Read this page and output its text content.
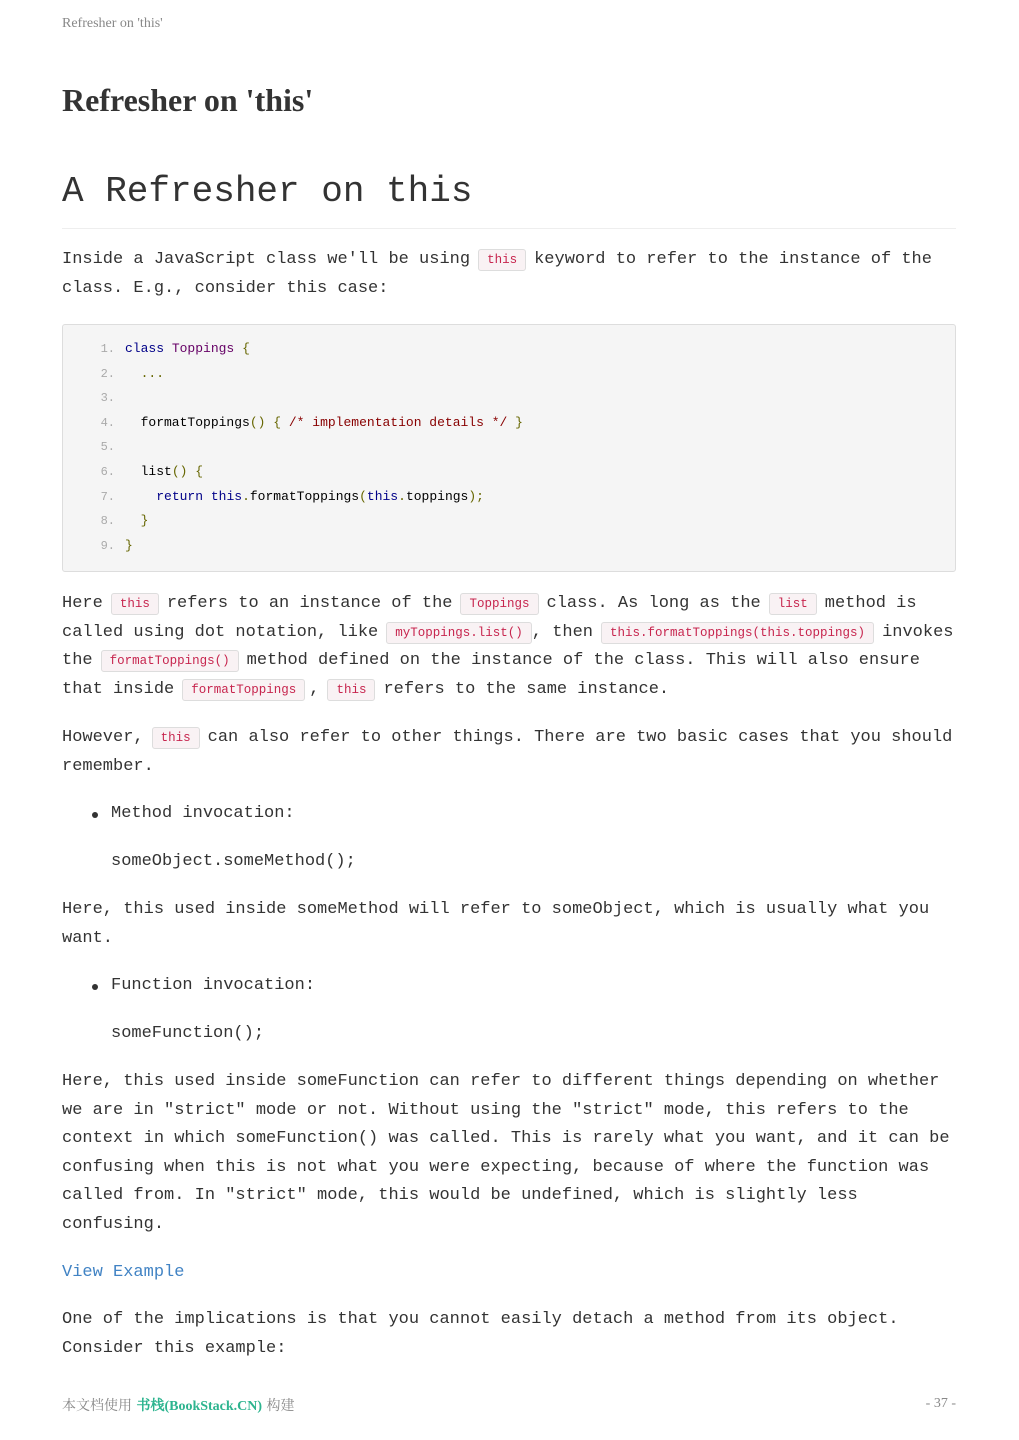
Refresher on 'this'
Refresher on 'this'
A Refresher on this

Inside a JavaScript class we'll be using this keyword to refer to the instance of the class. E.g., consider this case:

1. class Toppings {
2. ...
3.
4.  formatToppings() { /* implementation details */ }
5.
6.  list() {
7.	return this.formatToppings(this.toppings);
8. }
9. }

Here this refers to an instance of the Toppings class. As long as the list method is called using dot notation, like myToppings.list() , then this.formatToppings(this.toppings) invokes the formatToppings() method defined on the instance of the class. This will also ensure that inside formatToppings , this refers to the same instance.

However, this can also refer to other things. There are two basic cases that you should remember.

Method invocation:

someObject.someMethod();

Here, this used inside someMethod will refer to someObject, which is usually what you want.

Function invocation:

someFunction();

Here, this used inside someFunction can refer to different things depending on whether we are in "strict" mode or not. Without using the "strict" mode, this refers to the context in which someFunction() was called. This is rarely what you want, and it can be confusing when this is not what you were expecting, because of where the function was called from. In "strict" mode, this would be undefined, which is slightly less confusing.

View Example

One of the implications is that you cannot easily detach a method from its object. Consider this example:

本文档使用 书栈(BookStack.CN) 构建	- 37 -
